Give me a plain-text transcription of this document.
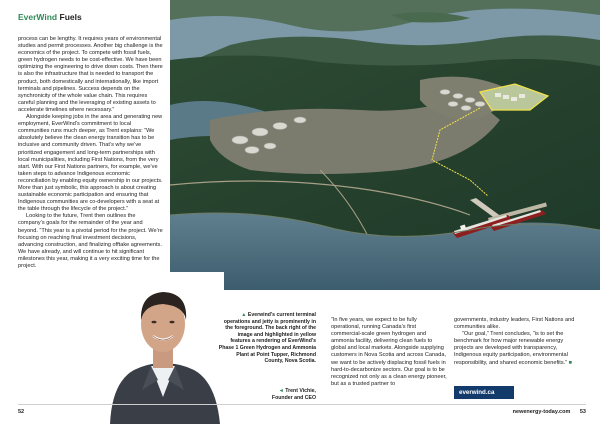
EverWind Fuels

process can be lengthy. It requires years of environmental studies and permit processes. Another big challenge is the economics of the project. To compete with fossil fuels, green hydrogen needs to be cost-effective. We have been optimizing the engineering to drive down costs. Then there is also the infrastructure that is needed to transport the product, both domestically and internationally, like import terminals and pipelines. Success depends on the synchronicity of the whole value chain. This requires careful planning and the leveraging of existing assets to accelerate timelines where necessary.”

Alongside keeping jobs in the area and generating new employment, EverWind’s commitment to local communities runs much deeper, as Trent explains: “We absolutely believe the clean energy transition has to be inclusive and community driven. That’s why we’ve prioritized engagement and long-term partnerships with local municipalities, including First Nations, from the very start. With our First Nations partners, for example, we’ve taken steps to advance Indigenous economic reconciliation by enabling equity ownership in our projects. More than just symbolic, this approach is about creating sustainable economic participation and ensuring that Indigenous communities are co-developers with a seat at the table through the lifecycle of the project.”

Looking to the future, Trent then outlines the company’s goals for the remainder of the year and beyond. “This year is a pivotal period for the project. We’re focusing on reaching final investment decisions, advancing construction, and finalizing offtake agreements. We have already, and will continue to hit significant milestones this year, making it a very exciting time for the project.

▲ Everwind’s current terminal operations and jetty is prominently in the foreground. The back right of the image and highlighted in yellow features a rendering of EverWind’s Phase 1 Green Hydrogen and Ammonia Plant at Point Tupper, Richmond County, Nova Scotia.
◄ Trent Vichie,
Founder and CEO

“In five years, we expect to be fully operational, running Canada’s first commercial-scale green hydrogen and ammonia facility, delivering clean fuels to global and local markets. Alongside supplying customers in Nova Scotia and across Canada, we want to be actively displacing fossil fuels in hard-to-decarbonize sectors. Our goal is to be recognized not only as a clean energy pioneer, but as a trusted partner to

governments, industry leaders, First Nations and communities alike.

“Our goal,” Trent concludes, “is to set the benchmark for how major renewable energy projects are developed with transparency, Indigenous equity participation, environmental responsibility, and shared economic benefits.” ■

everwind.ca
52	newenergy-today.com 53
